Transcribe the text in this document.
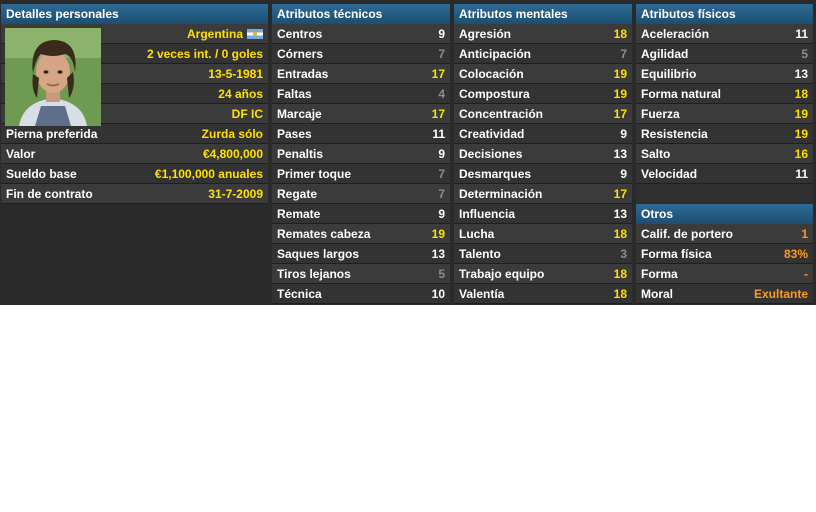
Detalles personales
Argentina
2 veces int. / 0 goles
13-5-1981
24 años
DF IC
Pierna preferida	Zurda sólo
Valor	€4,800,000
Sueldo base	€1,100,000 anuales
Fin de contrato	31-7-2009
Atributos técnicos
Centros	9
Córners	7
Entradas	17
Faltas	4
Marcaje	17
Pases	11
Penaltis	9
Primer toque	7
Regate	7
Remate	9
Remates cabeza	19
Saques largos	13
Tiros lejanos	5
Técnica	10
Atributos mentales
Agresión	18
Anticipación	7
Colocación	19
Compostura	19
Concentración	17
Creatividad	9
Decisiones	13
Desmarques	9
Determinación	17
Influencia	13
Lucha	18
Talento	3
Trabajo equipo	18
Valentía	18
Atributos físicos
Aceleración	11
Agilidad	5
Equilibrio	13
Forma natural	18
Fuerza	19
Resistencia	19
Salto	16
Velocidad	11
Otros
Calif. de portero	1
Forma física	83%
Forma	-
Moral	Exultante
